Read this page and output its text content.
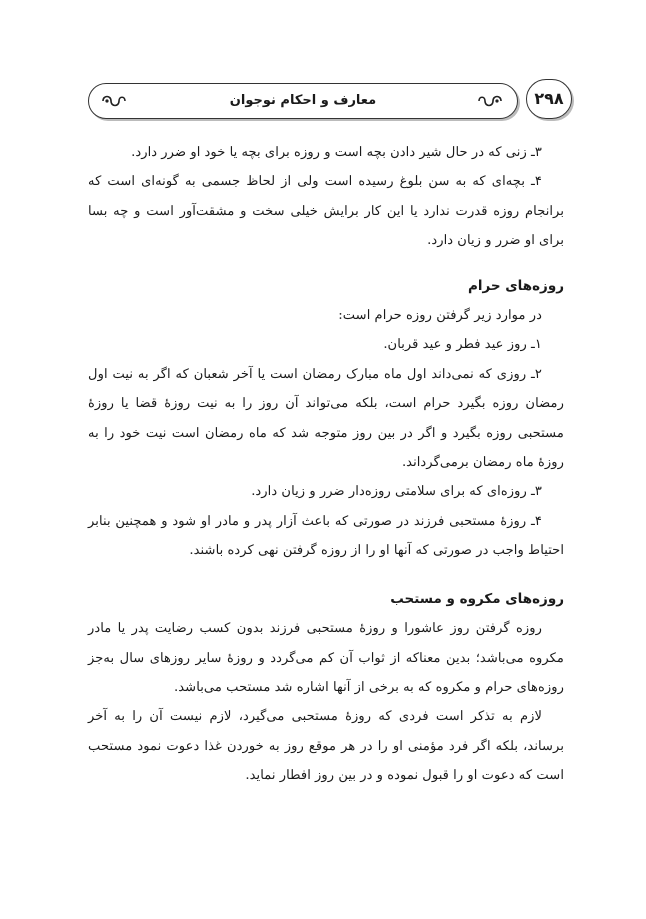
معارف و احکام نوجوان	۲۹۸

۳ـ زنی که در حال شیر دادن بچه است و روزه برای بچه یا خود او ضرر دارد.

۴ـ بچه‌ای که به سن بلوغ رسیده است ولی از لحاظ جسمی به گونه‌ای است که برانجام روزه قدرت ندارد یا این کار برایش خیلی سخت و مشقت‌آور است و چه بسا برای او ضرر و زیان دارد.

روزه‌های حرام

در موارد زیر گرفتن روزه حرام است:

۱ـ روز عید فطر و عید قربان.

۲ـ روزی که نمی‌داند اول ماه مبارک رمضان است یا آخر شعبان که اگر به نیت اول رمضان روزه بگیرد حرام است، بلکه می‌تواند آن روز را به نیت روزهٔ قضا یا روزهٔ مستحبی روزه بگیرد و اگر در بین روز متوجه شد که ماه رمضان است نیت خود را به روزهٔ ماه رمضان برمی‌گرداند.

۳ـ روزه‌ای که برای سلامتی روزه‌دار ضرر و زیان دارد.

۴ـ روزهٔ مستحبی فرزند در صورتی که باعث آزار پدر و مادر او شود و همچنین بنابر احتیاط واجب در صورتی که آنها او را از روزه گرفتن نهی کرده باشند.

روزه‌های مکروه و مستحب

روزه گرفتن روز عاشورا و روزهٔ مستحبی فرزند بدون کسب رضایت پدر یا مادر مکروه می‌باشد؛ بدین معناکه از ثواب آن کم می‌گردد و روزهٔ سایر روزهای سال به‌جز روزه‌های حرام و مکروه که به برخی از آنها اشاره شد مستحب می‌باشد.

لازم به تذکر است فردی که روزهٔ مستحبی می‌گیرد، لازم نیست آن را به آخر برساند، بلکه اگر فرد مؤمنی او را در هر موقع روز به خوردن غذا دعوت نمود مستحب است که دعوت او را قبول نموده و در بین روز افطار نماید.
